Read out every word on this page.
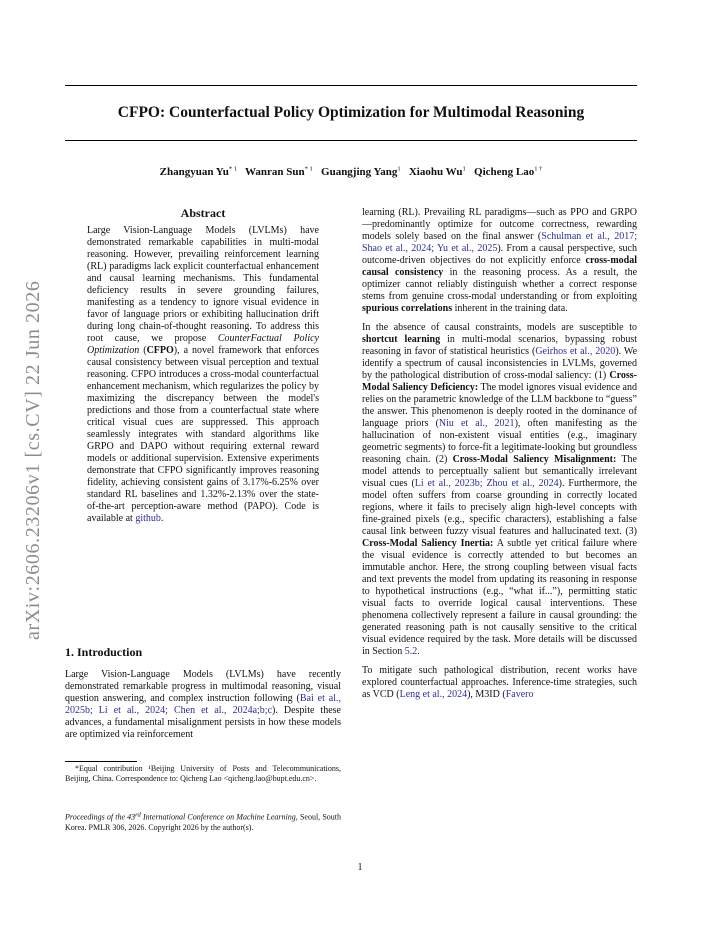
CFPO: Counterfactual Policy Optimization for Multimodal Reasoning
Zhangyuan Yu$^{* 1}$ Wanran Sun$^{* 1}$ Guangjing Yang$^1$ Xiaohu Wu$^1$ Qicheng Lao$^{1 \dagger}$
arXiv:2606.23206v1 [cs.CV] 22 Jun 2026
Abstract

Large Vision-Language Models (LVLMs) have demonstrated remarkable capabilities in multi-modal reasoning. However, prevailing reinforcement learning (RL) paradigms lack explicit counterfactual enhancement and causal learning mechanisms. This fundamental deficiency results in severe grounding failures, manifesting as a tendency to ignore visual evidence in favor of language priors or exhibiting hallucination drift during long chain-of-thought reasoning. To address this root cause, we propose CounterFactual Policy Optimization (CFPO), a novel framework that enforces causal consistency between visual perception and textual reasoning. CFPO introduces a cross-modal counterfactual enhancement mechanism, which regularizes the policy by maximizing the discrepancy between the model's predictions and those from a counterfactual state where critical visual cues are suppressed. This approach seamlessly integrates with standard algorithms like GRPO and DAPO without requiring external reward models or additional supervision. Extensive experiments demonstrate that CFPO significantly improves reasoning fidelity, achieving consistent gains of 3.17%-6.25% over standard RL baselines and 1.32%-2.13% over the state-of-the-art perception-aware method (PAPO). Code is available at github.

1. Introduction

Large Vision-Language Models (LVLMs) have recently demonstrated remarkable progress in multimodal reasoning, visual question answering, and complex instruction following (Bai et al., 2025b; Li et al., 2024; Chen et al., 2024a;b;c). Despite these advances, a fundamental misalignment persists in how these models are optimized via reinforcement

*Equal contribution ¹Beijing University of Posts and Telecommunications, Beijing, China. Correspondence to: Qicheng Lao <qicheng.lao@bupt.edu.cn>.

Proceedings of the 43rd International Conference on Machine Learning, Seoul, South Korea. PMLR 306, 2026. Copyright 2026 by the author(s).

learning (RL). Prevailing RL paradigms—such as PPO and GRPO—predominantly optimize for outcome correctness, rewarding models solely based on the final answer (Schulman et al., 2017; Shao et al., 2024; Yu et al., 2025). From a causal perspective, such outcome-driven objectives do not explicitly enforce cross-modal causal consistency in the reasoning process. As a result, the optimizer cannot reliably distinguish whether a correct response stems from genuine cross-modal understanding or from exploiting spurious correlations inherent in the training data.

In the absence of causal constraints, models are susceptible to shortcut learning in multi-modal scenarios, bypassing robust reasoning in favor of statistical heuristics (Geirhos et al., 2020). We identify a spectrum of causal inconsistencies in LVLMs, governed by the pathological distribution of cross-modal saliency: (1) Cross-Modal Saliency Deficiency: The model ignores visual evidence and relies on the parametric knowledge of the LLM backbone to “guess” the answer. This phenomenon is deeply rooted in the dominance of language priors (Niu et al., 2021), often manifesting as the hallucination of non-existent visual entities (e.g., imaginary geometric segments) to force-fit a legitimate-looking but groundless reasoning chain. (2) Cross-Modal Saliency Misalignment: The model attends to perceptually salient but semantically irrelevant visual cues (Li et al., 2023b; Zhou et al., 2024). Furthermore, the model often suffers from coarse grounding in correctly located regions, where it fails to precisely align high-level concepts with fine-grained pixels (e.g., specific characters), establishing a false causal link between fuzzy visual features and hallucinated text. (3) Cross-Modal Saliency Inertia: A subtle yet critical failure where the visual evidence is correctly attended to but becomes an immutable anchor. Here, the strong coupling between visual facts and text prevents the model from updating its reasoning in response to hypothetical instructions (e.g., “what if...”), permitting static visual facts to override logical causal interventions. These phenomena collectively represent a failure in causal grounding: the generated reasoning path is not causally sensitive to the critical visual evidence required by the task. More details will be discussed in Section 5.2.

To mitigate such pathological distribution, recent works have explored counterfactual approaches. Inference-time strategies, such as VCD (Leng et al., 2024), M3ID (Favero

1
